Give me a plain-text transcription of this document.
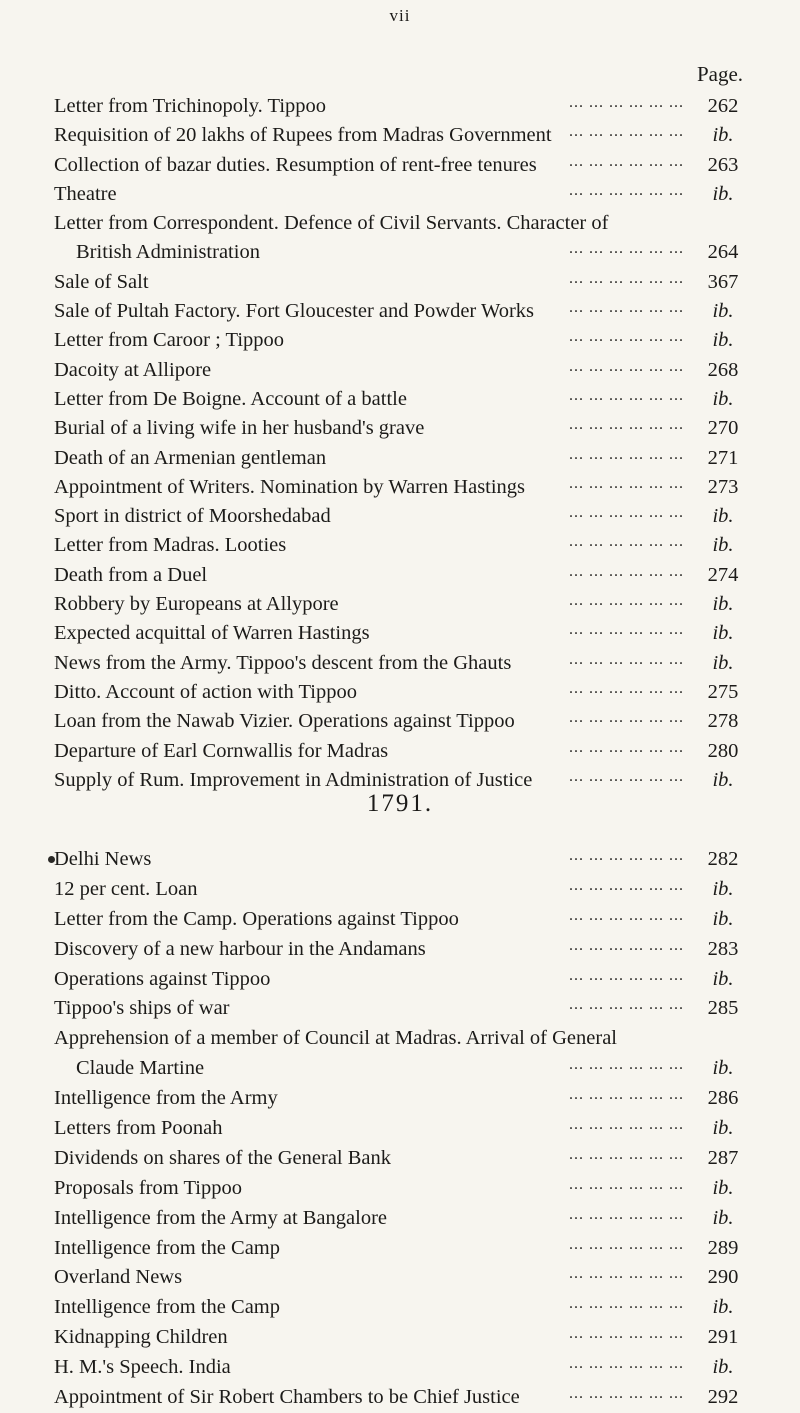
vii
Page.
Letter from Trichinopoly. Tippoo	... ... ... ... ... ...	262
Requisition of 20 lakhs of Rupees from Madras Government ... ... ... ... ... ...	ib.
Collection of bazar duties. Resumption of rent-free tenures	... ... ... ... ... ...	263
Theatre	... ... ... ... ... ...	ib.
Letter from Correspondent. Defence of Civil Servants. Character of
British Administration	... ... ... ... ... ...	264
Sale of Salt	... ... ... ... ... ...	367
Sale of Pultah Factory. Fort Gloucester and Powder Works	... ... ... ... ... ...	ib.
Letter from Caroor ; Tippoo	... ... ... ... ... ...	ib.
Dacoity at Allipore	... ... ... ... ... ...	268
Letter from De Boigne. Account of a battle	... ... ... ... ... ...	ib.
Burial of a living wife in her husband's grave	... ... ... ... ... ...	270
Death of an Armenian gentleman	... ... ... ... ... ...	271
Appointment of Writers. Nomination by Warren Hastings	... ... ... ... ... ...	273
Sport in district of Moorshedabad	... ... ... ... ... ...	ib.
Letter from Madras. Looties	... ... ... ... ... ...	ib.
Death from a Duel	... ... ... ... ... ...	274
Robbery by Europeans at Allypore	... ... ... ... ... ...	ib.
Expected acquittal of Warren Hastings	... ... ... ... ... ...	ib.
News from the Army. Tippoo's descent from the Ghauts	... ... ... ... ... ...	ib.
Ditto. Account of action with Tippoo	... ... ... ... ... ...	275
Loan from the Nawab Vizier. Operations against Tippoo	... ... ... ... ... ...	278
Departure of Earl Cornwallis for Madras	... ... ... ... ... ...	280
Supply of Rum. Improvement in Administration of Justice	... ... ... ... ... ...	ib.
1791.
Delhi News	... ... ... ... ... ...	282
12 per cent. Loan	... ... ... ... ... ...	ib.
Letter from the Camp. Operations against Tippoo	... ... ... ... ... ...	ib.
Discovery of a new harbour in the Andamans	... ... ... ... ... ...	283
Operations against Tippoo	... ... ... ... ... ...	ib.
Tippoo's ships of war	... ... ... ... ... ...	285
Apprehension of a member of Council at Madras. Arrival of General
Claude Martine	... ... ... ... ... ...	ib.
Intelligence from the Army	... ... ... ... ... ...	286
Letters from Poonah	... ... ... ... ... ...	ib.
Dividends on shares of the General Bank	... ... ... ... ... ...	287
Proposals from Tippoo	... ... ... ... ... ...	ib.
Intelligence from the Army at Bangalore	... ... ... ... ... ...	ib.
Intelligence from the Camp	... ... ... ... ... ...	289
Overland News	... ... ... ... ... ...	290
Intelligence from the Camp	... ... ... ... ... ...	ib.
Kidnapping Children	... ... ... ... ... ...	291
H. M.'s Speech. India	... ... ... ... ... ...	ib.
Appointment of Sir Robert Chambers to be Chief Justice	... ... ... ... ... ...	292
